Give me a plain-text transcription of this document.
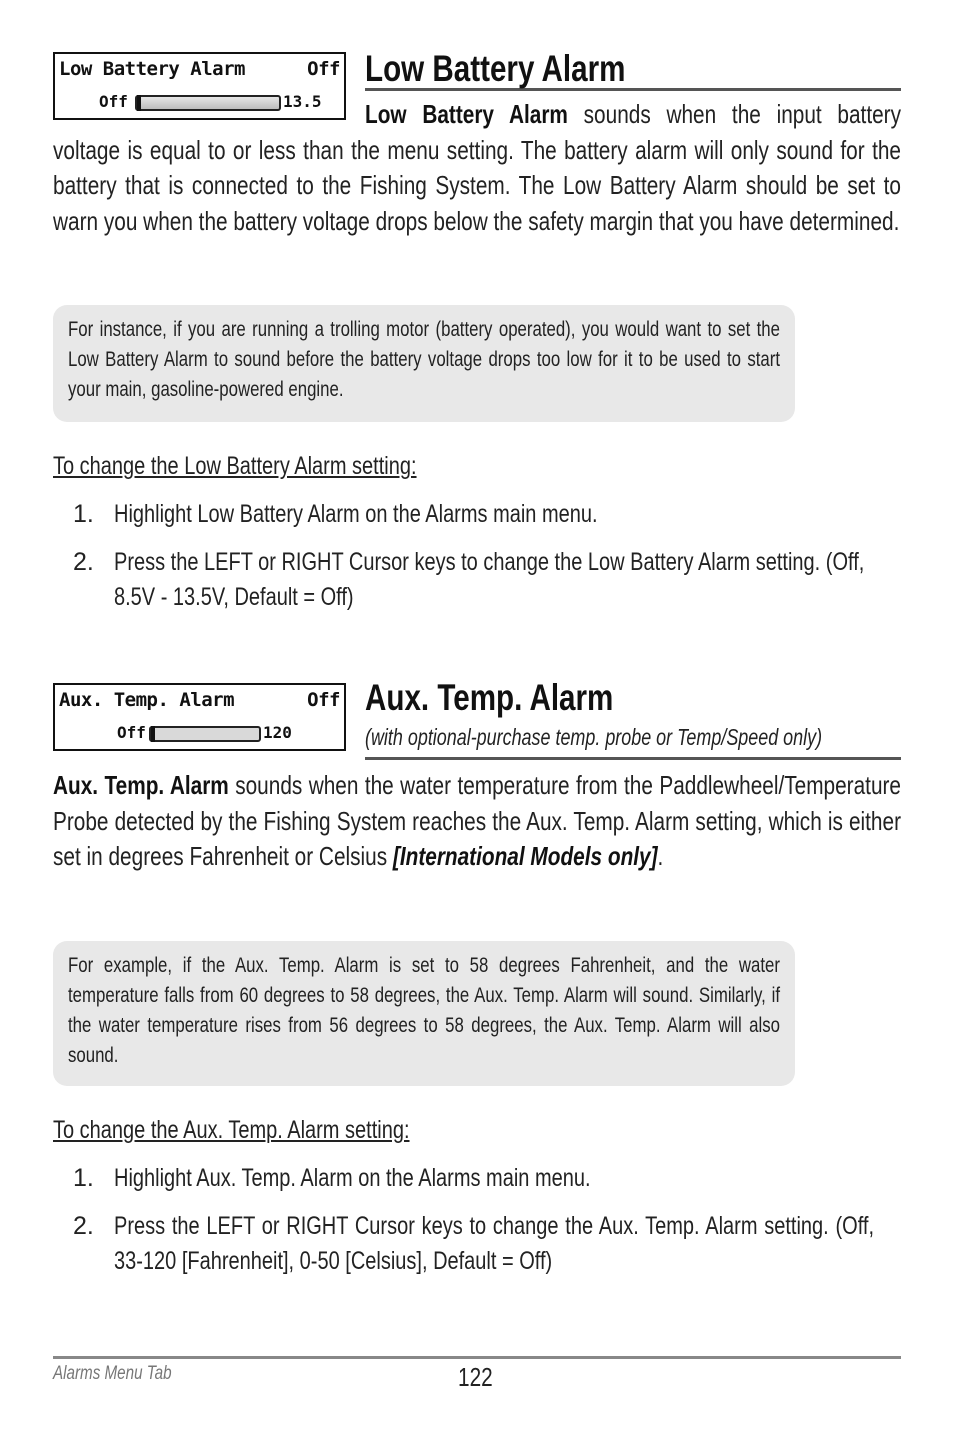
Low Battery Alarm	Off
Off	13.5
Low Battery Alarm
Low Battery Alarm sounds when the input battery voltage is equal to or less than the menu setting. The battery alarm will only sound for the battery that is connected to the Fishing System. The Low Battery Alarm should be set to warn you when the battery voltage drops below the safety margin that you have determined.
For instance, if you are running a trolling motor (battery operated), you would want to set the Low Battery Alarm to sound before the battery voltage drops too low for it to be used to start your main, gasoline-powered engine.
To change the Low Battery Alarm setting:
1. Highlight Low Battery Alarm on the Alarms main menu.
2. Press the LEFT or RIGHT Cursor keys to change the Low Battery Alarm setting. (Off, 8.5V - 13.5V, Default = Off)
Aux. Temp. Alarm	Off
Off	120
Aux. Temp. Alarm
(with optional-purchase temp. probe or Temp/Speed only)
Aux. Temp. Alarm sounds when the water temperature from the Paddlewheel/Temperature Probe detected by the Fishing System reaches the Aux. Temp. Alarm setting, which is either set in degrees Fahrenheit or Celsius [International Models only].
For example, if the Aux. Temp. Alarm is set to 58 degrees Fahrenheit, and the water temperature falls from 60 degrees to 58 degrees, the Aux. Temp. Alarm will sound. Similarly, if the water temperature rises from 56 degrees to 58 degrees, the Aux. Temp. Alarm will also sound.
To change the Aux. Temp. Alarm setting:
1. Highlight Aux. Temp. Alarm on the Alarms main menu.
2. Press the LEFT or RIGHT Cursor keys to change the Aux. Temp. Alarm setting. (Off, 33-120 [Fahrenheit], 0-50 [Celsius], Default = Off)
Alarms Menu Tab	122
